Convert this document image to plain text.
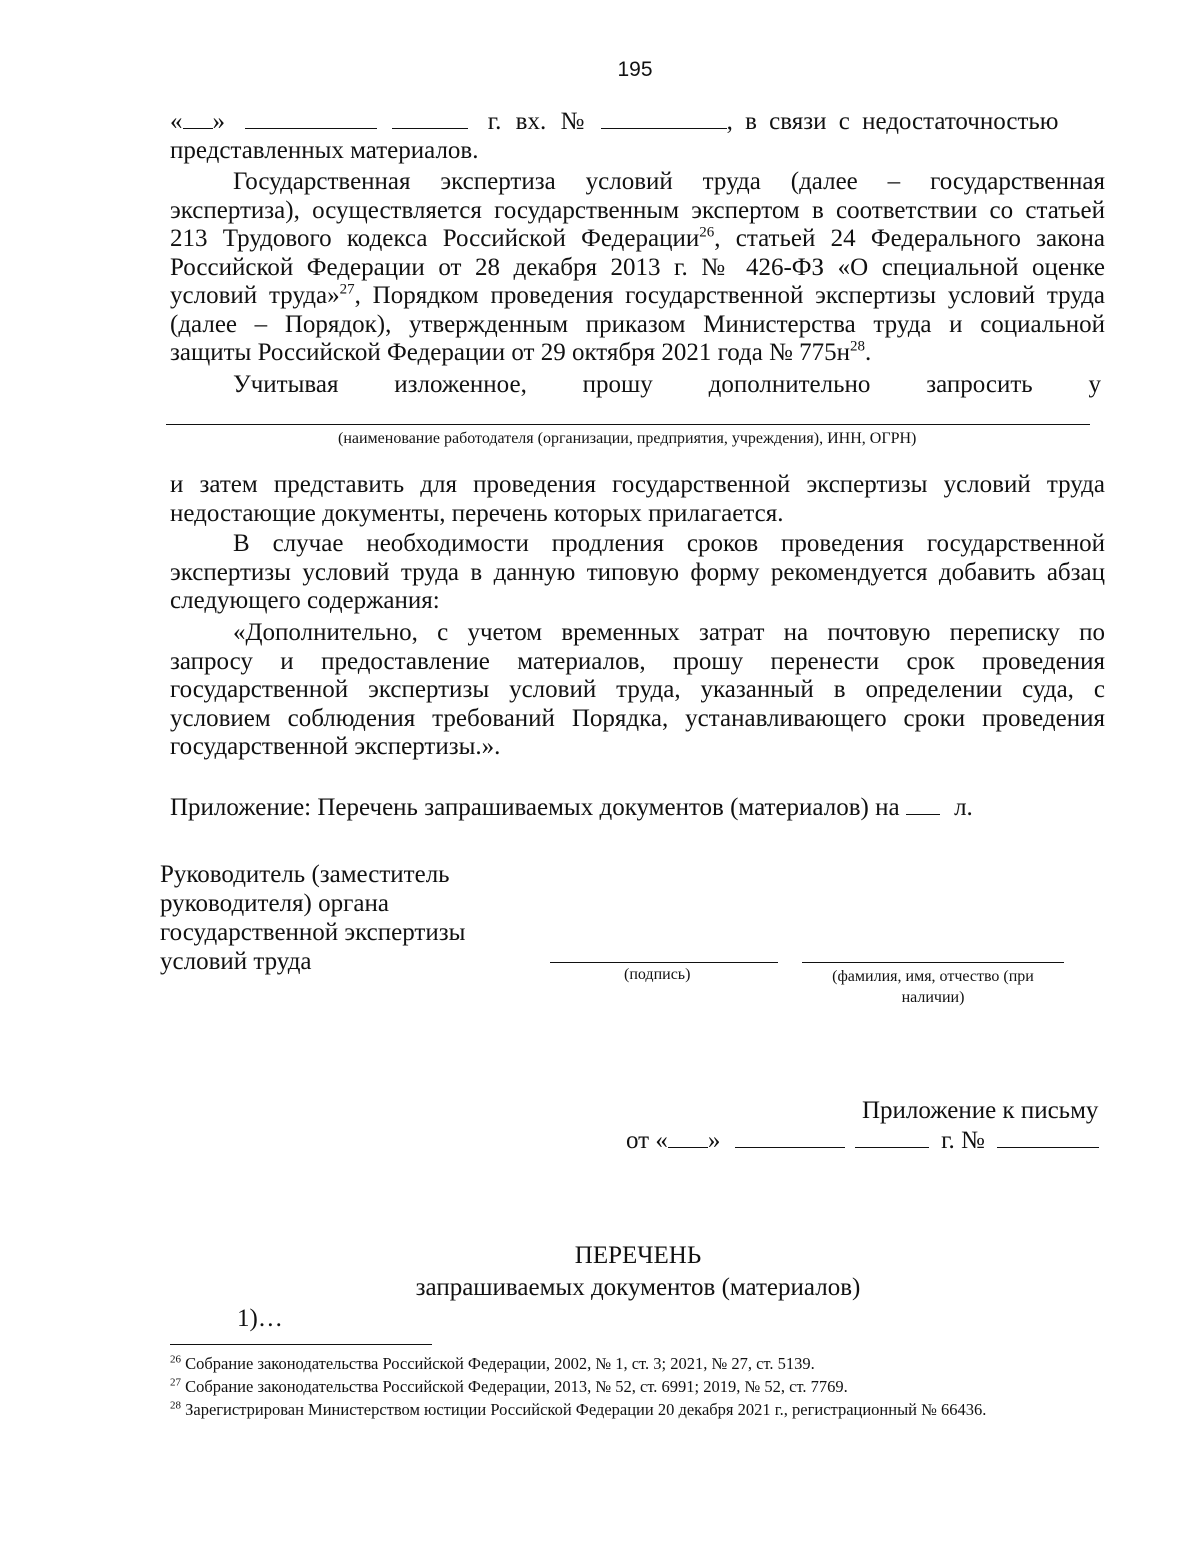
195
« »	г. вх. №	, в связи с недостаточностью
представленных материалов.
Государственная экспертиза условий труда (далее – государственная
экспертиза), осуществляется государственным экспертом в соответствии со статьей
213 Трудового кодекса Российской Федерации$^{26}$, статьей 24 Федерального закона
Российской Федерации от 28 декабря 2013 г. № 426-ФЗ «О специальной оценке
условий труда»$^{27}$, Порядком проведения государственной экспертизы условий труда
(далее – Порядок), утвержденным приказом Министерства труда и социальной
защиты Российской Федерации от 29 октября 2021 года № $775н^{28}$.
Учитывая изложенное, прошу дополнительно запросить у
(наименование работодателя (организации, предприятия, учреждения), ИНН, ОГРН)
и затем представить для проведения государственной экспертизы условий труда
недостающие документы, перечень которых прилагается.
В случае необходимости продления сроков проведения государственной
экспертизы условий труда в данную типовую форму рекомендуется добавить абзац
следующего содержания:
«Дополнительно, с учетом временных затрат на почтовую переписку по
запросу и предоставление материалов, прошу перенести срок проведения
государственной экспертизы условий труда, указанный в определении суда, с
условием соблюдения требований Порядка, устанавливающего сроки проведения
государственной экспертизы.».
Приложение: Перечень запрашиваемых документов (материалов) на л.
Руководитель (заместитель
руководителя) органа
государственной экспертизы
условий труда	(подпись)	(фамилия, имя, отчество (при
наличии)
Приложение к письму
от « »	г. №
ПЕРЕЧЕНЬ
запрашиваемых документов (материалов)
1)…
$^{26}$ Собрание законодательства Российской Федерации, 2002, № 1, ст. 3; 2021, № 27, ст. 5139.
$^{27}$ Собрание законодательства Российской Федерации, 2013, № 52, ст. 6991; 2019, № 52, ст. 7769.
$^{28}$ Зарегистрирован Министерством юстиции Российской Федерации 20 декабря 2021 г., регистрационный № 66436.
